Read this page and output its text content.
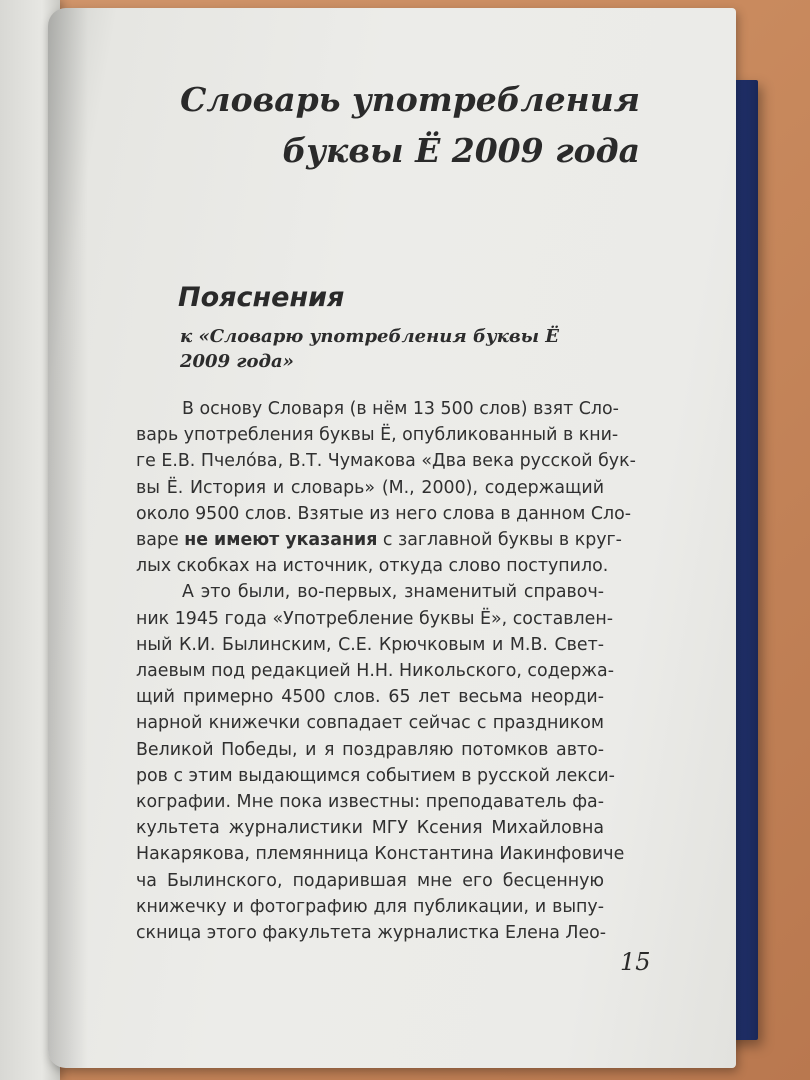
Словарь употребления
буквы Ё 2009 года
Пояснения
к «Словарю употребления буквы Ё
2009 года»
В основу Словаря (в нём 13 500 слов) взят Сло-
варь употребления буквы Ё, опубликованный в кни-
ге Е.В. Пчело́ва, В.Т. Чумакова «Два века русской бук-
вы Ё. История и словарь» (М., 2000), содержащий
около 9500 слов. Взятые из него слова в данном Сло-
варе не имеют указания с заглавной буквы в круг-
лых скобках на источник, откуда слово поступило.
А это были, во-первых, знаменитый справоч-
ник 1945 года «Употребление буквы Ё», составлен-
ный К.И. Былинским, С.Е. Крючковым и М.В. Свет-
лаевым под редакцией Н.Н. Никольского, содержа-
щий примерно 4500 слов. 65 лет весьма неорди-
нарной книжечки совпадает сейчас с праздником
Великой Победы, и я поздравляю потомков авто-
ров с этим выдающимся событием в русской лекси-
кографии. Мне пока известны: преподаватель фа-
культета журналистики МГУ Ксения Михайловна
Накарякова, племянница Константина Иакинфовиче
ча Былинского, подарившая мне его бесценную
книжечку и фотографию для публикации, и выпу-
скница этого факультета журналистка Елена Лео-
15
